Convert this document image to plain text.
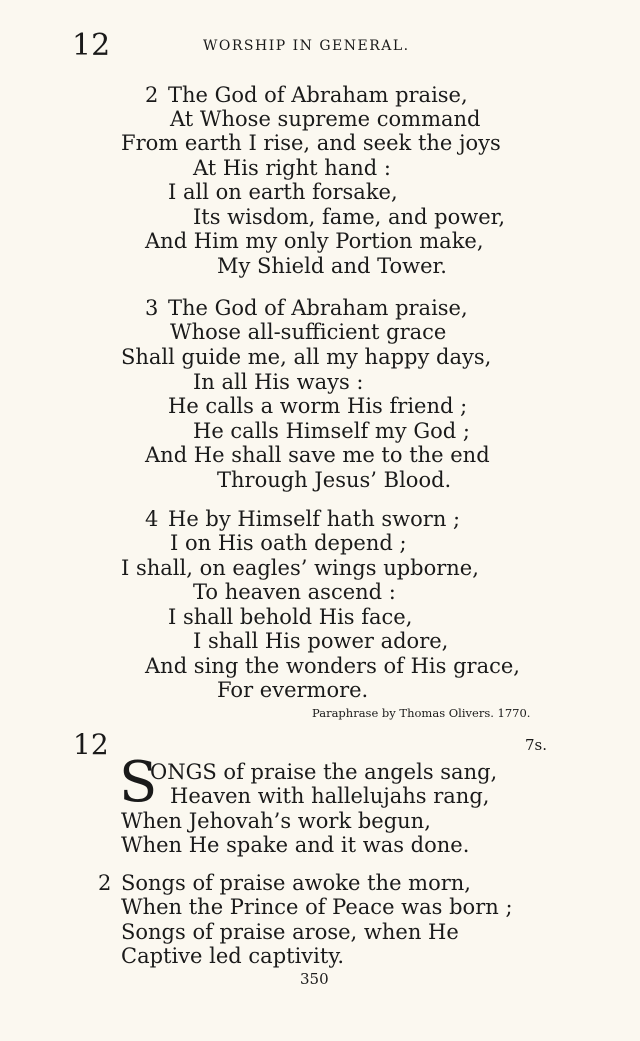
12	WORSHIP IN GENERAL.
2 The God of Abraham praise,
At Whose supreme command
From earth I rise, and seek the joys
At His right hand :
I all on earth forsake,
Its wisdom, fame, and power,
And Him my only Portion make,
My Shield and Tower.
3 The God of Abraham praise,
Whose all-sufficient grace
Shall guide me, all my happy days,
In all His ways :
He calls a worm His friend ;
He calls Himself my God ;
And He shall save me to the end
Through Jesus’ Blood.
4 He by Himself hath sworn ;
I on His oath depend ;
I shall, on eagles’ wings upborne,
To heaven ascend :
I shall behold His face,
I shall His power adore,
And sing the wonders of His grace,
For evermore.
Paraphrase by Thomas Olivers. 1770.
12	7s.
S
ONGS of praise the angels sang,
Heaven with hallelujahs rang,
When Jehovah’s work begun,
When He spake and it was done.
2 Songs of praise awoke the morn,
When the Prince of Peace was born ;
Songs of praise arose, when He
Captive led captivity.
350
